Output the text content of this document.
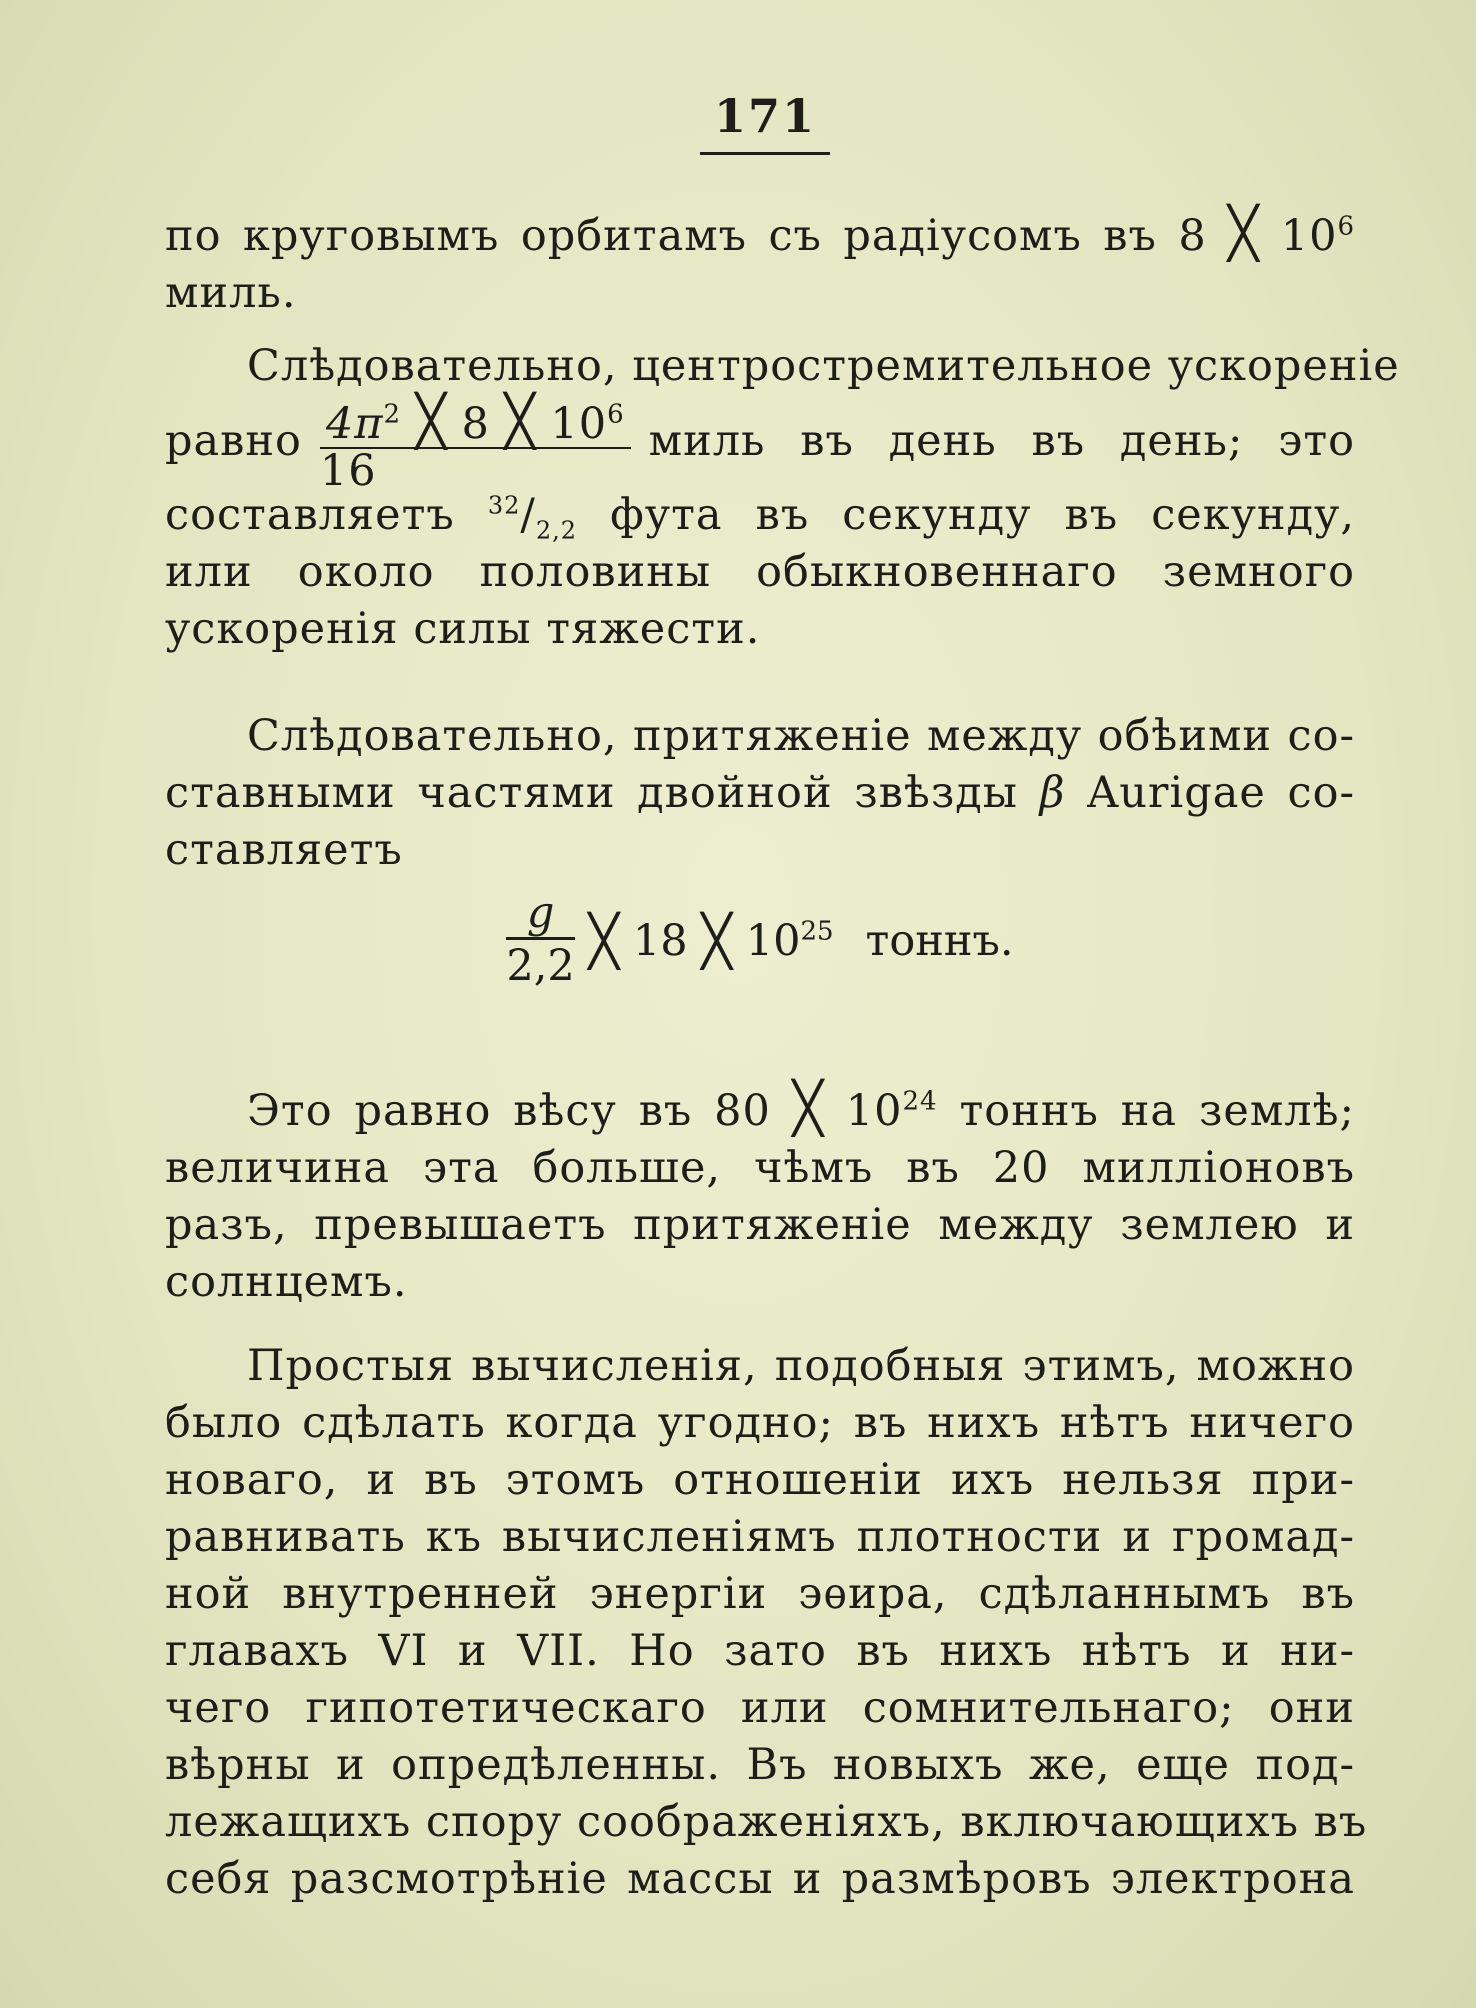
171
по круговымъ орбитамъ съ радіусомъ въ 8 ╳ $10^6$
миль.
Слѣдовательно, центростремительное ускореніе
равно $\frac{4\pi^2 ╳ 8 ╳ 10^6}{16}$ миль въ день въ день; это
составляетъ $^{32}/_{2,2}$ фута въ секунду въ секунду,
или около половины обыкновеннаго земного
ускоренія силы тяжести.
Слѣдовательно, притяженіе между обѣими со-
ставными частями двойной звѣзды β Aurigae со-
ставляетъ
$\frac{g}{2,2}$ ╳ 18 ╳ $10^{25}$ тоннъ.
Это равно вѣсу въ 80 ╳ $10^{24}$ тоннъ на землѣ;
величина эта больше, чѣмъ въ 20 милліоновъ
разъ, превышаетъ притяженіе между землею и
солнцемъ.
Простыя вычисленія, подобныя этимъ, можно
было сдѣлать когда угодно; въ нихъ нѣтъ ничего
новаго, и въ этомъ отношеніи ихъ нельзя при-
равнивать къ вычисленіямъ плотности и громад-
ной внутренней энергіи эѳира, сдѣланнымъ въ
главахъ VI и VII. Но зато въ нихъ нѣтъ и ни-
чего гипотетическаго или сомнительнаго; они
вѣрны и опредѣленны. Въ новыхъ же, еще под-
лежащихъ спору соображеніяхъ, включающихъ въ
себя разсмотрѣніе массы и размѣровъ электрона
